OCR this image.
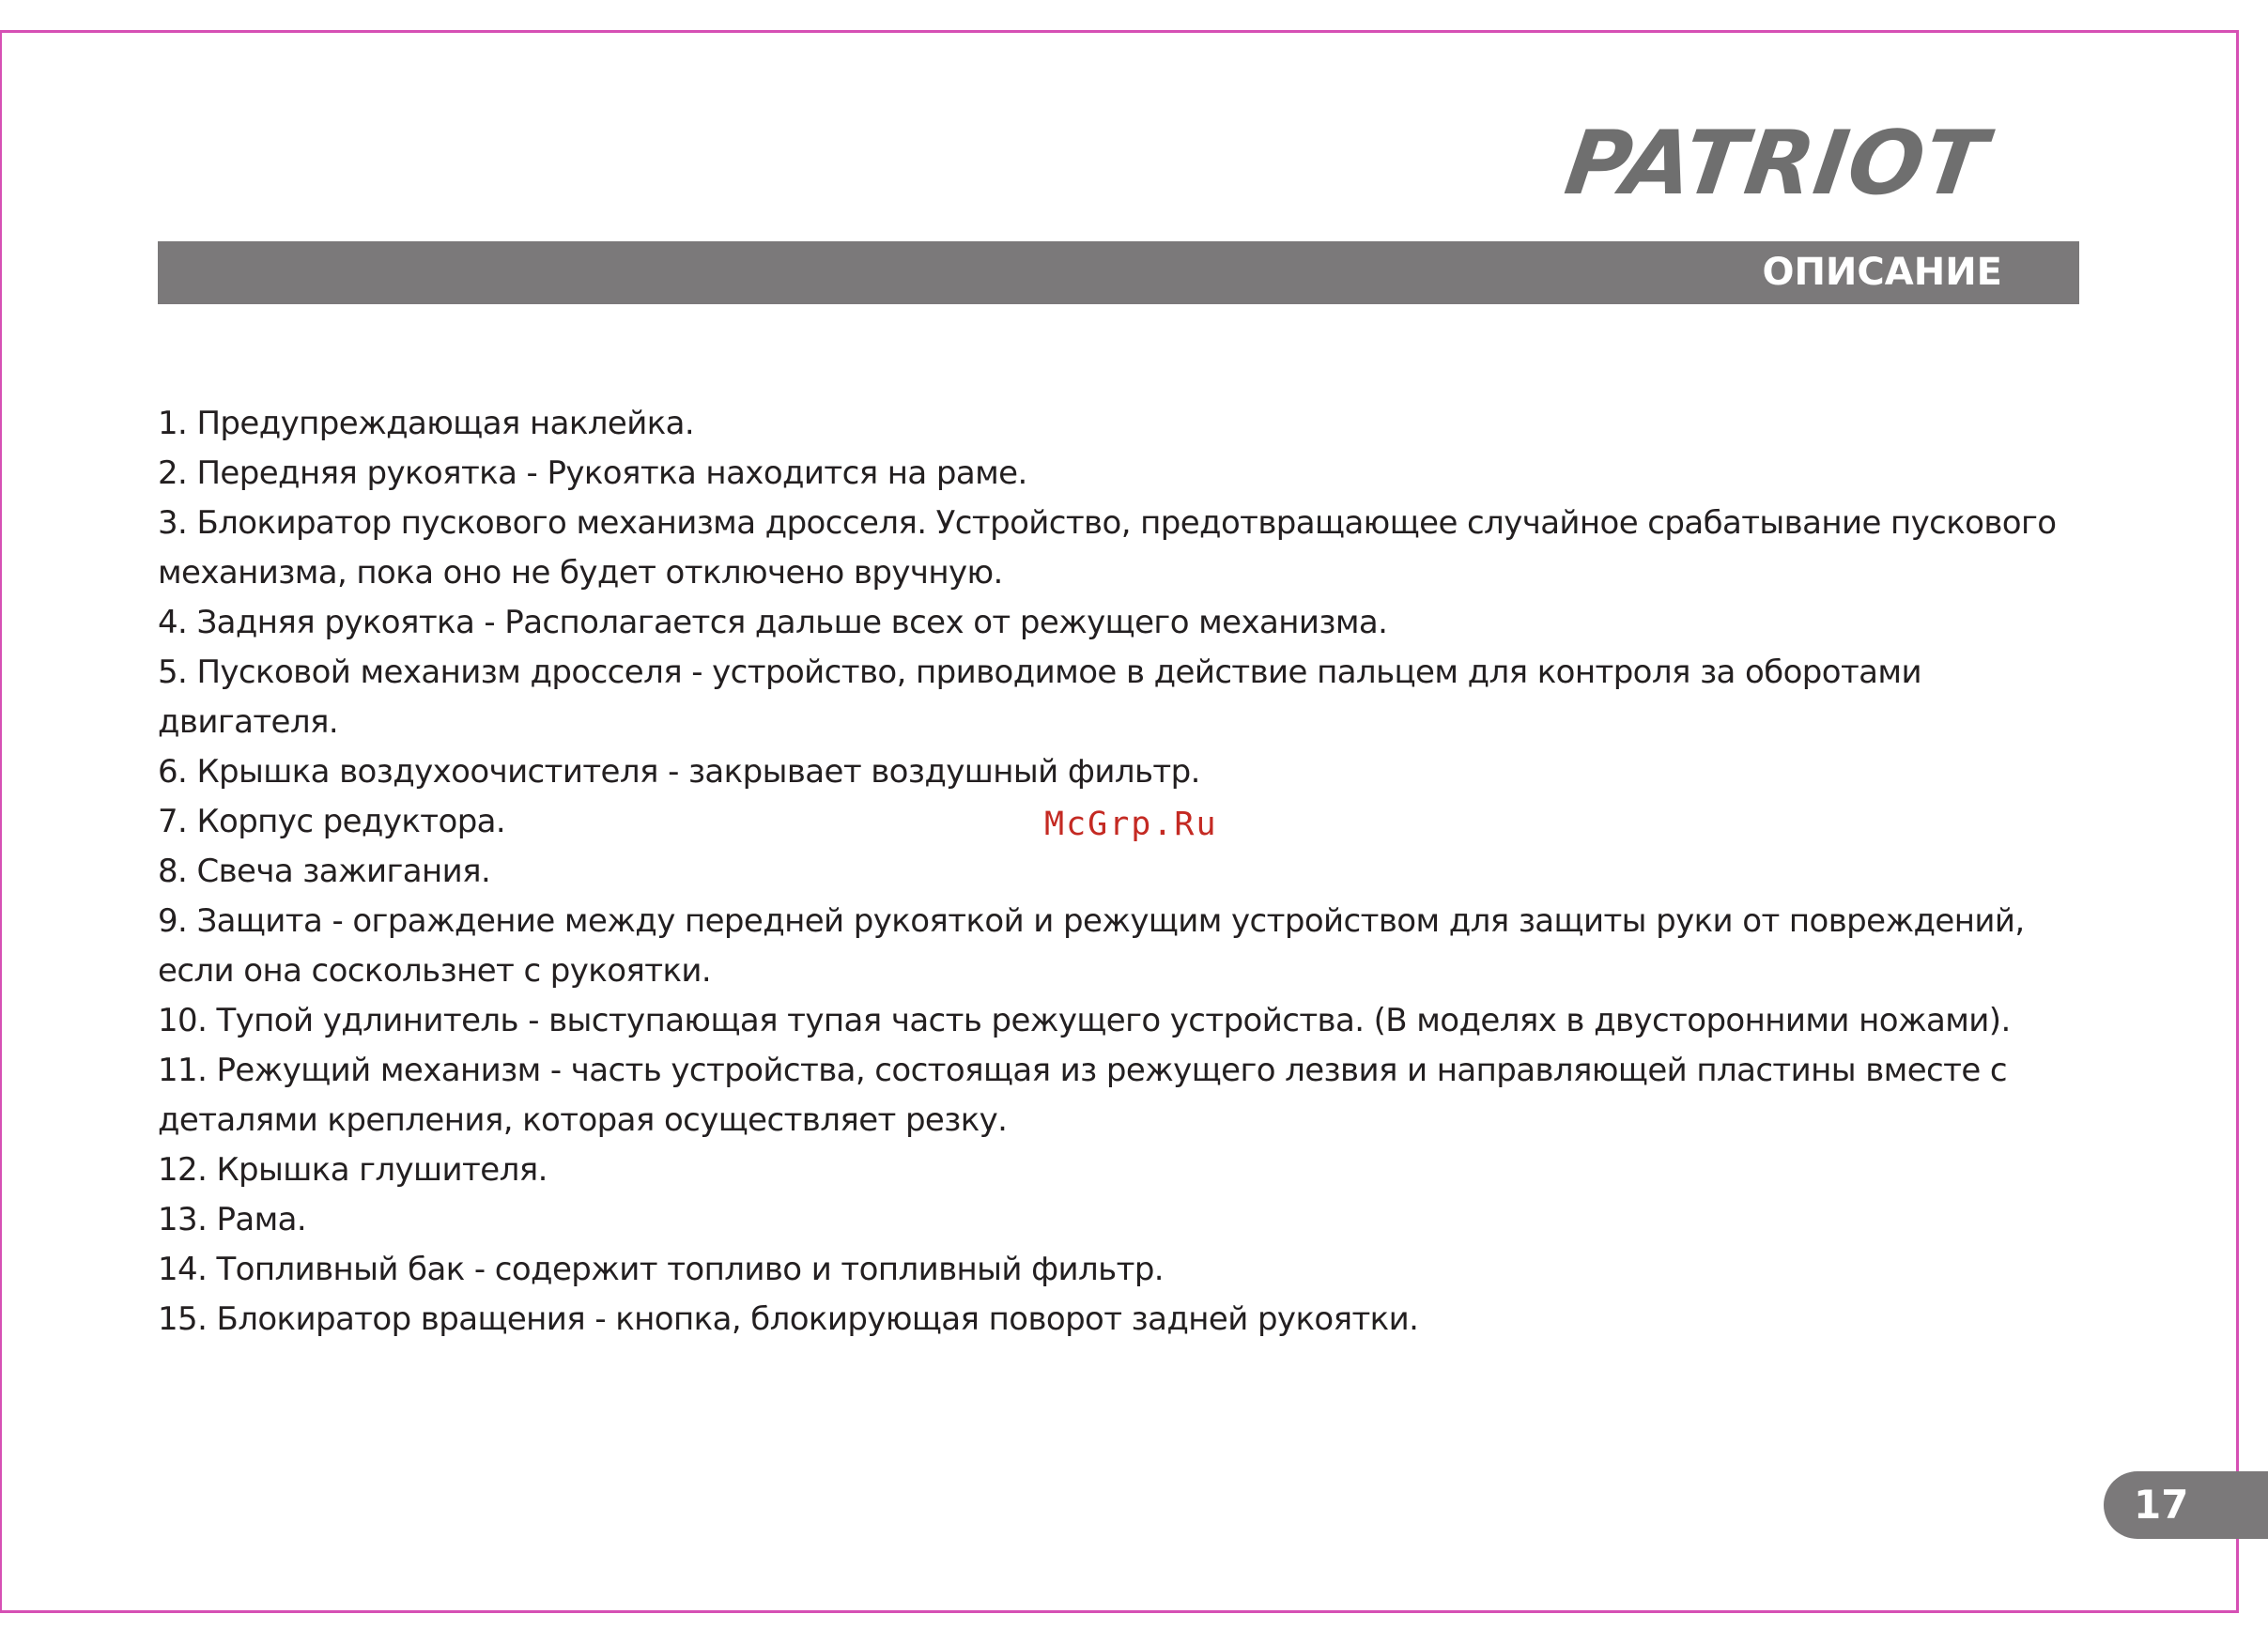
PATRIOT
ОПИСАНИЕ
1. Предупреждающая наклейка.
2. Передняя рукоятка - Рукоятка находится на раме.
3. Блокиратор пускового механизма дросселя. Устройство, предотвращающее случайное срабатывание пускового механизма, пока оно не будет отключено вручную.
4. Задняя рукоятка - Располагается дальше всех от режущего механизма.
5. Пусковой механизм дросселя - устройство, приводимое в действие пальцем для контроля за оборотами двигателя.
6. Крышка воздухоочистителя - закрывает воздушный фильтр.
7. Корпус редуктора.
8. Свеча зажигания.
9. Защита - ограждение между передней рукояткой и режущим устройством для защиты руки от повреждений, если она соскользнет с рукоятки.
10. Тупой удлинитель - выступающая тупая часть режущего устройства. (В моделях в двусторонними ножами).
11. Режущий механизм - часть устройства, состоящая из режущего лезвия и направляющей пластины вместе с деталями крепления, которая осуществляет резку.
12. Крышка глушителя.
13. Рама.
14. Топливный бак - содержит топливо и топливный фильтр.
15. Блокиратор вращения - кнопка, блокирующая поворот задней рукоятки.
McGrp.Ru
17
